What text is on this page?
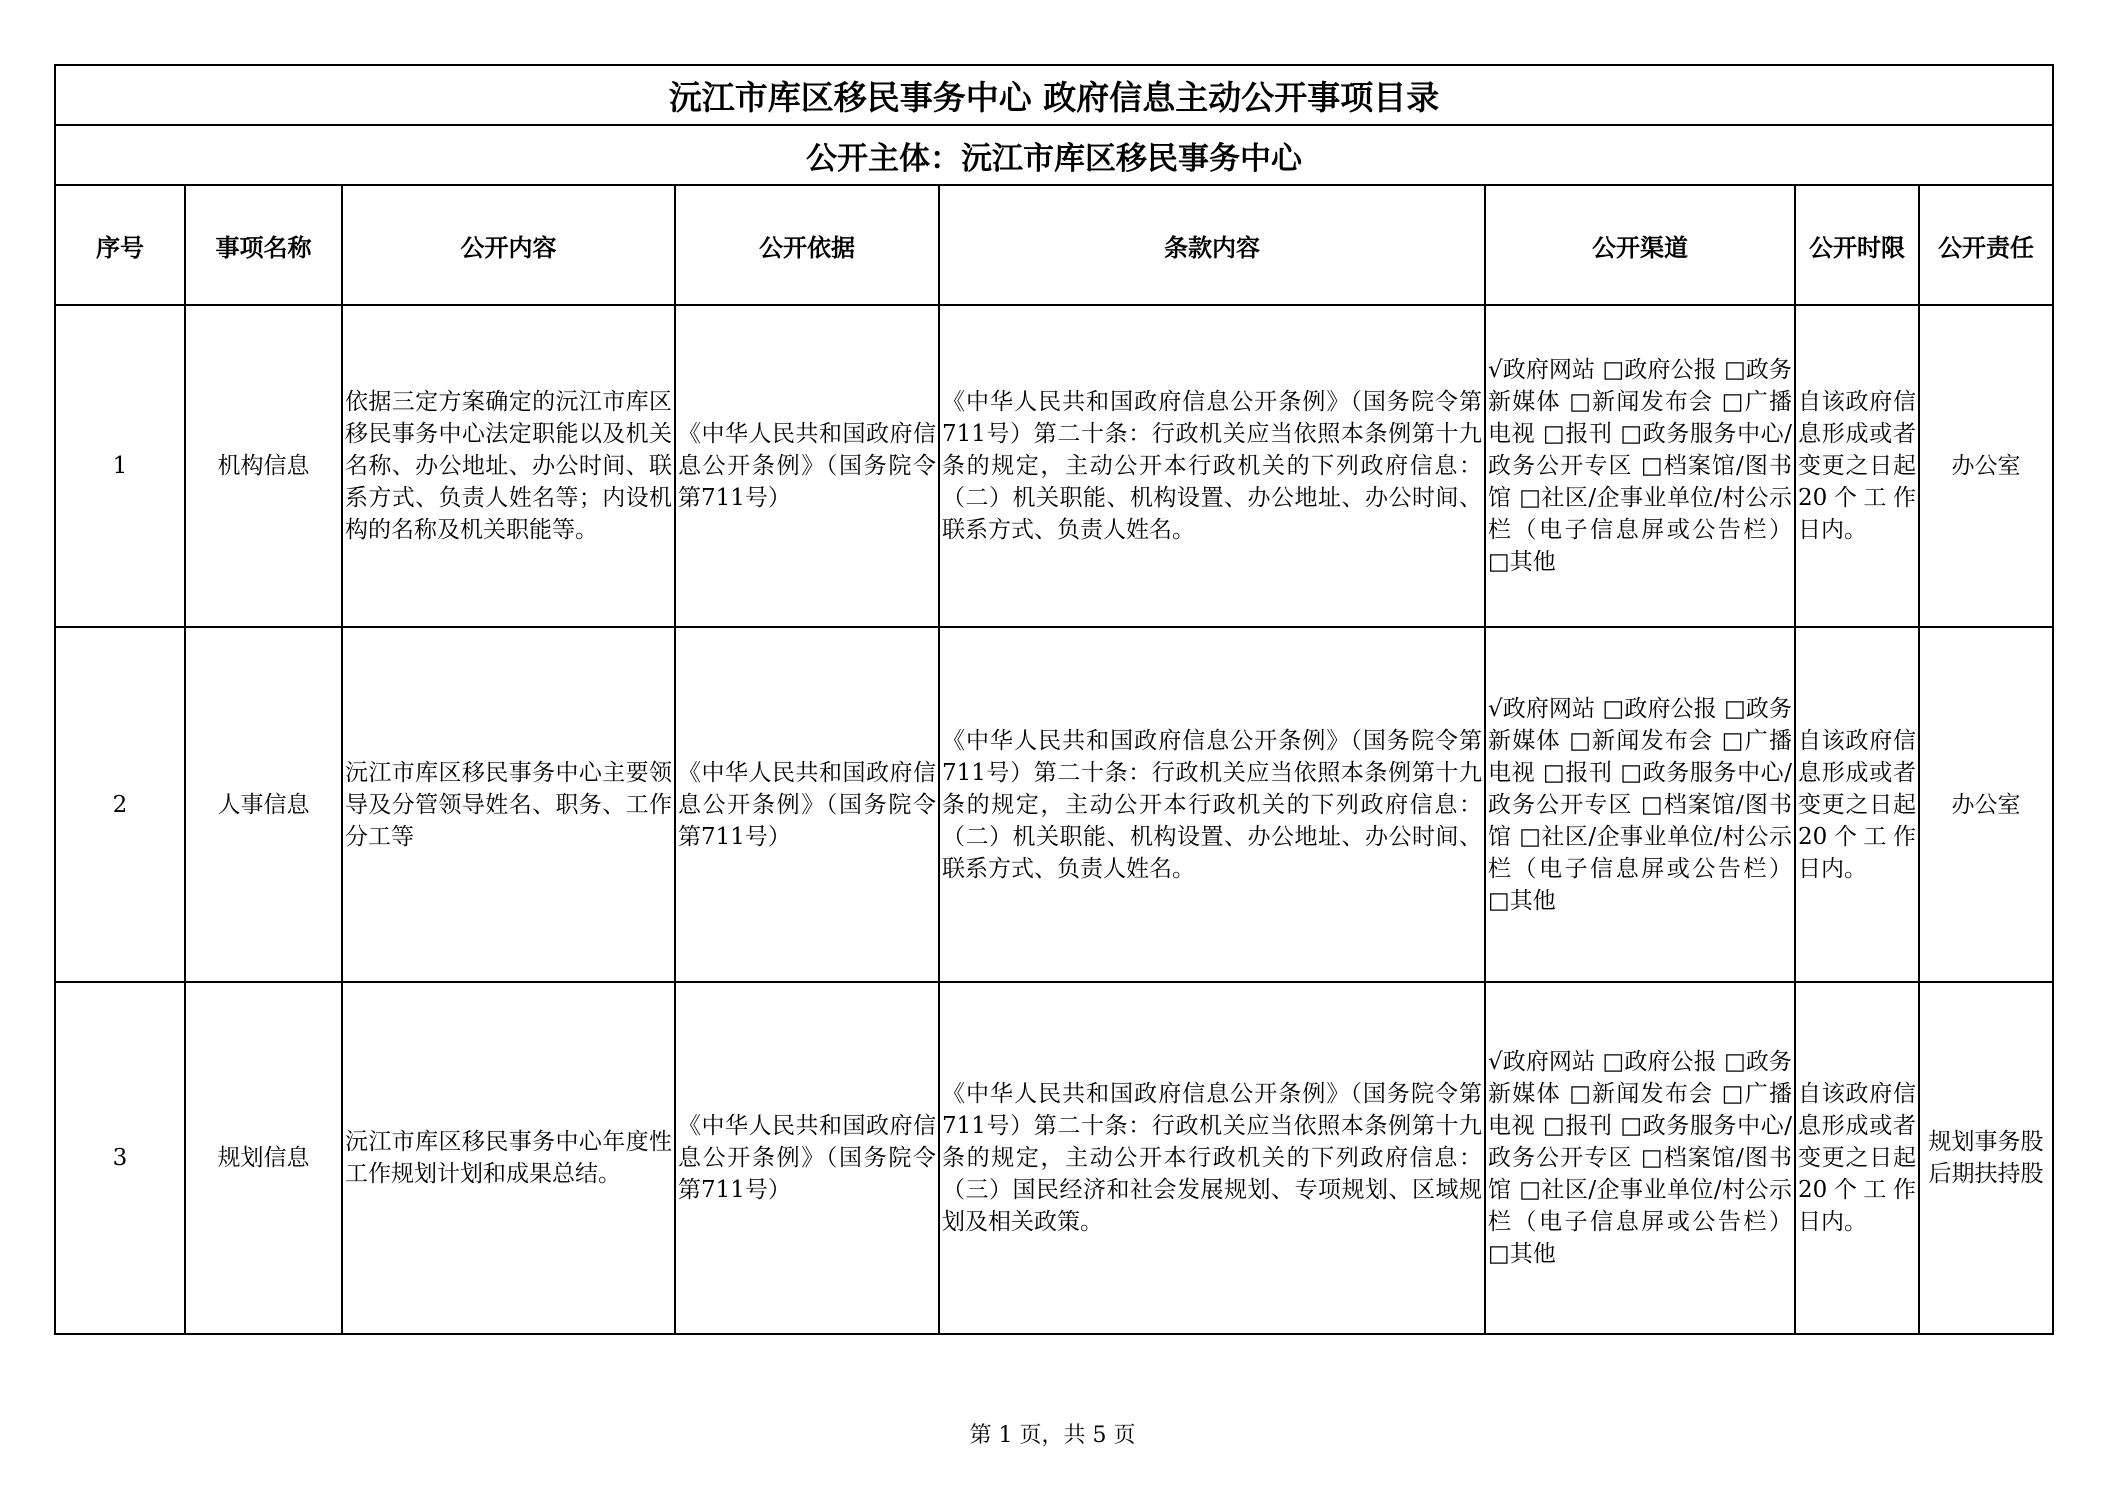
沅江市库区移民事务中心 政府信息主动公开事项目录							
公开主体：沅江市库区移民事务中心							
序号	事项名称	公开内容	公开依据	条款内容	公开渠道	公开时限	公开责任
1	机构信息	依据三定方案确定的沅江市库区移民事务中心法定职能以及机关名称、办公地址、办公时间、联系方式、负责人姓名等；内设机构的名称及机关职能等。	《中华人民共和国政府信息公开条例》（国务院令第711号）	《中华人民共和国政府信息公开条例》（国务院令第711号）第二十条：行政机关应当依照本条例第十九条的规定，主动公开本行政机关的下列政府信息：（二）机关职能、机构设置、办公地址、办公时间、联系方式、负责人姓名。	√政府网站 □政府公报 □政务新媒体 □新闻发布会 □广播电视 □报刊 □政务服务中心/政务公开专区 □档案馆/图书馆 □社区/企事业单位/村公示栏（电子信息屏或公告栏） □其他	自该政府信息形成或者变更之日起20个工作日内。	办公室
2	人事信息	沅江市库区移民事务中心主要领导及分管领导姓名、职务、工作分工等	《中华人民共和国政府信息公开条例》（国务院令第711号）	《中华人民共和国政府信息公开条例》（国务院令第711号）第二十条：行政机关应当依照本条例第十九条的规定，主动公开本行政机关的下列政府信息：（二）机关职能、机构设置、办公地址、办公时间、联系方式、负责人姓名。	√政府网站 □政府公报 □政务新媒体 □新闻发布会 □广播电视 □报刊 □政务服务中心/政务公开专区 □档案馆/图书馆 □社区/企事业单位/村公示栏（电子信息屏或公告栏） □其他	自该政府信息形成或者变更之日起20个工作日内。	办公室
3	规划信息	沅江市库区移民事务中心年度性工作规划计划和成果总结。	《中华人民共和国政府信息公开条例》（国务院令第711号）	《中华人民共和国政府信息公开条例》（国务院令第711号）第二十条：行政机关应当依照本条例第十九条的规定，主动公开本行政机关的下列政府信息：（三）国民经济和社会发展规划、专项规划、区域规划及相关政策。	√政府网站 □政府公报 □政务新媒体 □新闻发布会 □广播电视 □报刊 □政务服务中心/政务公开专区 □档案馆/图书馆 □社区/企事业单位/村公示栏（电子信息屏或公告栏） □其他	自该政府信息形成或者变更之日起20个工作日内。	规划事务股后期扶持股
第 1 页，共 5 页
